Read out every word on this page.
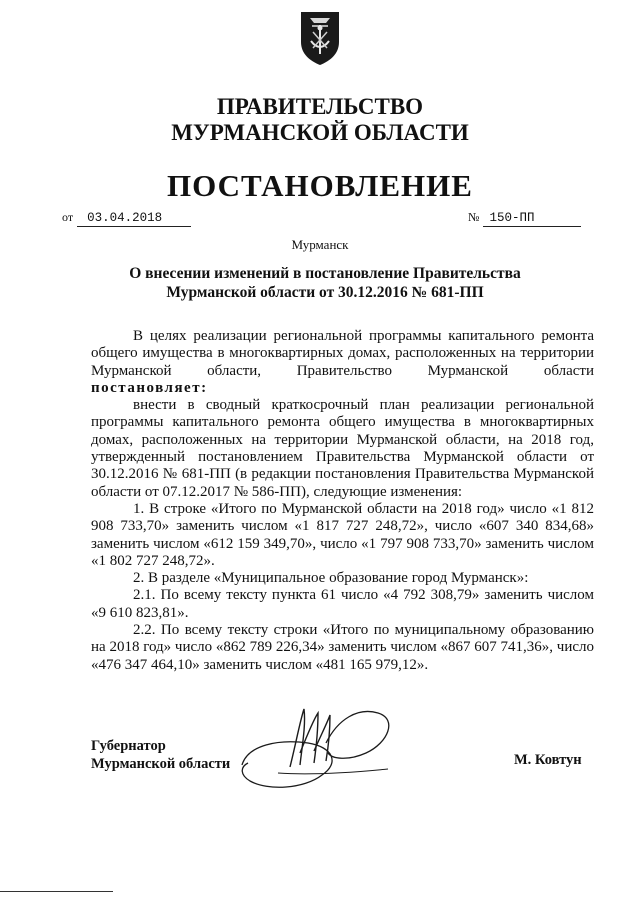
ПРАВИТЕЛЬСТВО
МУРМАНСКОЙ ОБЛАСТИ
ПОСТАНОВЛЕНИЕ
от 03.04.2018	№ 150-ПП
Мурманск
О внесении изменений в постановление Правительства
Мурманской области от 30.12.2016 № 681-ПП

В целях реализации региональной программы капитального ремонта общего имущества в многоквартирных домах, расположенных на территории Мурманской области, Правительство Мурманской области

постановляет:

внести в сводный краткосрочный план реализации региональной программы капитального ремонта общего имущества в многоквартирных домах, расположенных на территории Мурманской области, на 2018 год, утвержденный постановлением Правительства Мурманской области от 30.12.2016 № 681-ПП (в редакции постановления Правительства Мурманской области от 07.12.2017 № 586-ПП), следующие изменения:

1. В строке «Итого по Мурманской области на 2018 год» число «1 812 908 733,70» заменить числом «1 817 727 248,72», число «607 340 834,68» заменить числом «612 159 349,70», число «1 797 908 733,70» заменить числом «1 802 727 248,72».

2. В разделе «Муниципальное образование город Мурманск»:

2.1. По всему тексту пункта 61 число «4 792 308,79» заменить числом «9 610 823,81».

2.2. По всему тексту строки «Итого по муниципальному образованию на 2018 год» число «862 789 226,34» заменить числом «867 607 741,36», число «476 347 464,10» заменить числом «481 165 979,12».

Губернатор
Мурманской области	М. Ковтун
